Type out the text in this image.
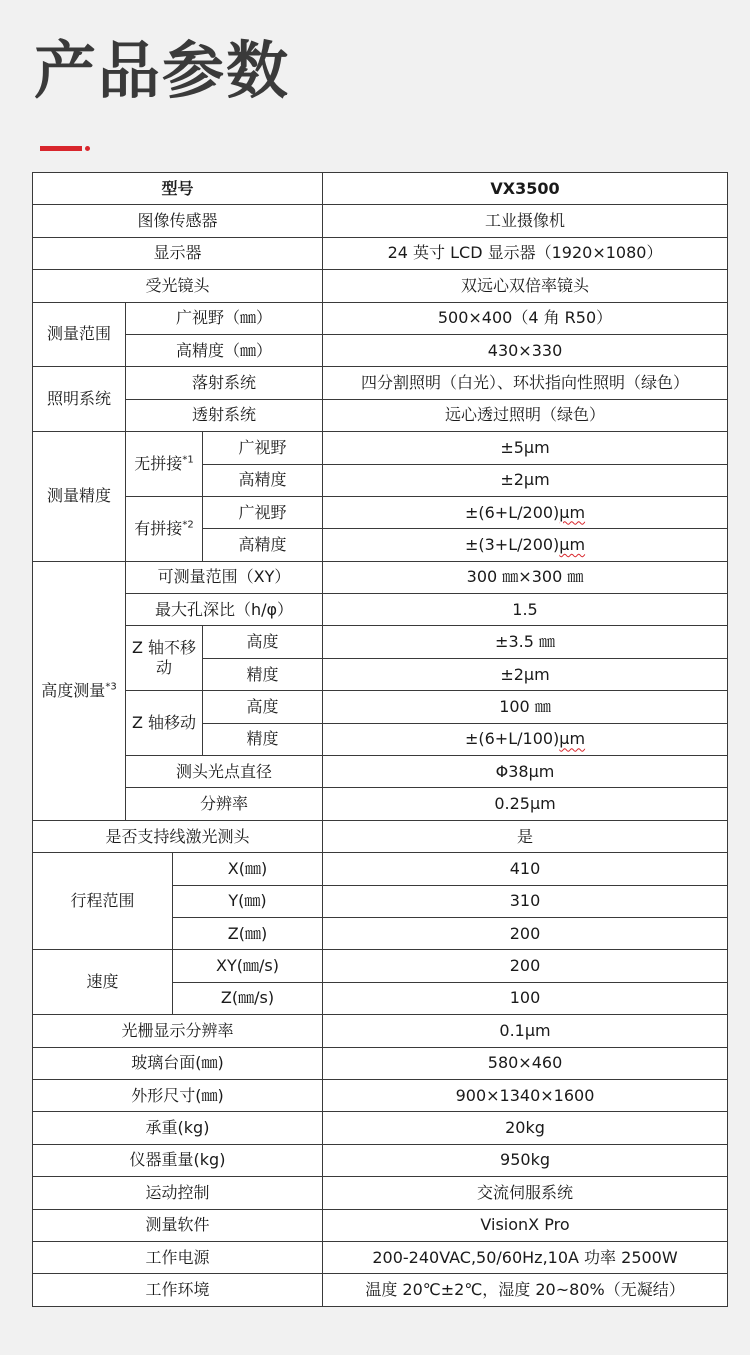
产品参数
型号				VX3500
图像传感器				工业摄像机
显示器				24 英寸 LCD 显示器（1920×1080）
受光镜头				双远心双倍率镜头
测量范围	广视野（㎜）			500×400（4 角 R50）
	高精度（㎜）			430×330
照明系统	落射系统			四分割照明（白光）、环状指向性照明（绿色）
	透射系统			远心透过照明（绿色）
测量精度	无拼接$^{*1}$		广视野	±5μm
			高精度	±2μm
	有拼接$^{*2}$		广视野	±(6+L/200)μm
			高精度	±(3+L/200)μm
高度测量$^{*3}$	可测量范围（XY）			300 ㎜×300 ㎜
	最大孔深比（h/φ）			1.5
	Z 轴不移动		高度	±3.5 ㎜
			精度	±2μm
	Z 轴移动		高度	100 ㎜
			精度	±(6+L/100)μm
	测头光点直径			Φ38μm
	分辨率			0.25μm
是否支持线激光测头				是
行程范围		X(㎜)		410
		Y(㎜)		310
		Z(㎜)		200
速度		XY(㎜/s)		200
		Z(㎜/s)		100
光栅显示分辨率				0.1μm
玻璃台面(㎜)				580×460
外形尺寸(㎜)				900×1340×1600
承重(kg)				20kg
仪器重量(kg)				950kg
运动控制				交流伺服系统
测量软件				VisionX Pro
工作电源				200-240VAC,50/60Hz,10A 功率 2500W
工作环境				温度 20℃±2℃，湿度 20~80%（无凝结）
